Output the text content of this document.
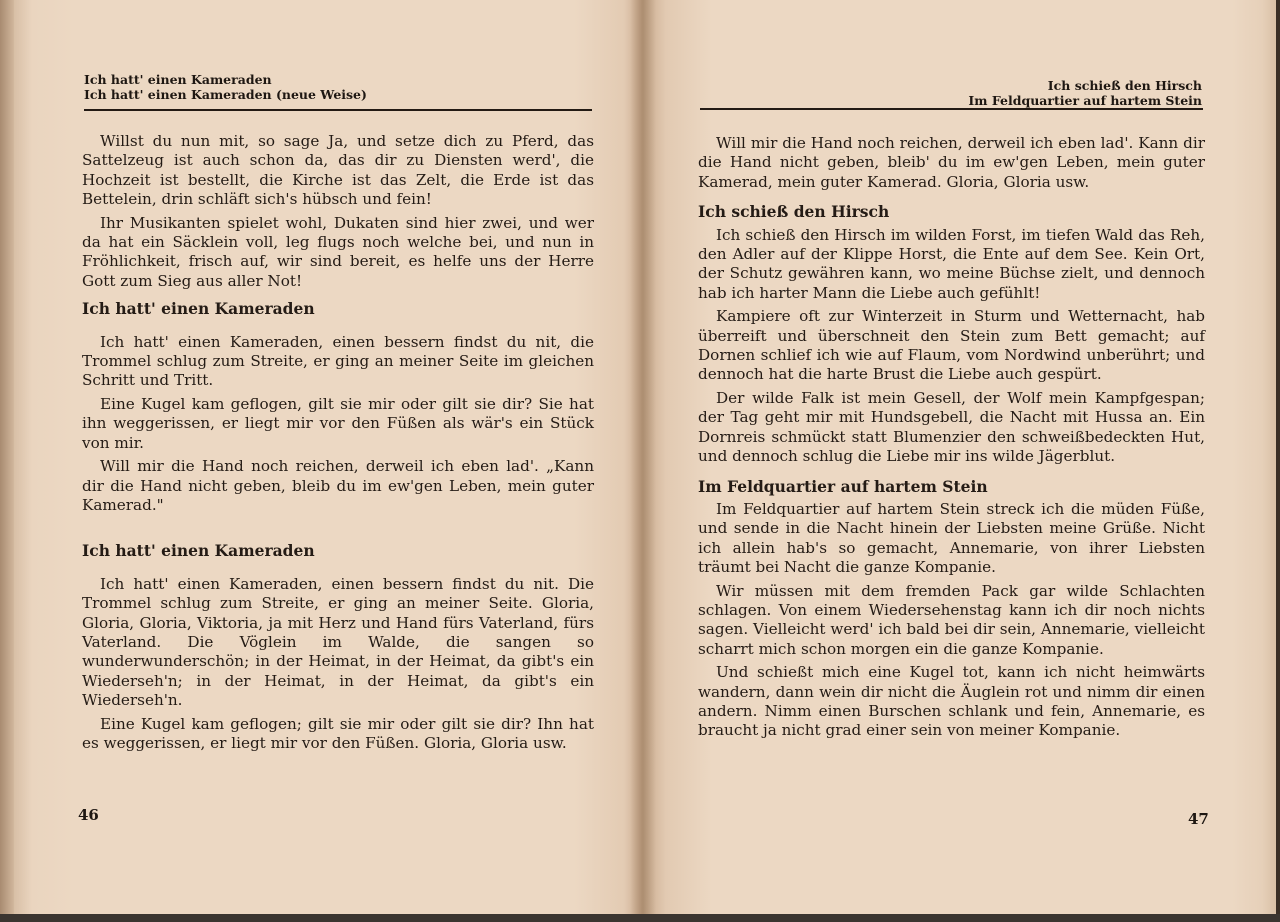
Ich hatt' einen Kameraden
Ich hatt' einen Kameraden (neue Weise)

Willst du nun mit, so sage Ja, und setze dich zu Pferd, das Sattelzeug ist auch schon da, das dir zu Diensten werd', die Hochzeit ist bestellt, die Kirche ist das Zelt, die Erde ist das Bettelein, drin schläft sich's hübsch und fein!

Ihr Musikanten spielet wohl, Dukaten sind hier zwei, und wer da hat ein Säcklein voll, leg flugs noch welche bei, und nun in Fröhlichkeit, frisch auf, wir sind bereit, es helfe uns der Herre Gott zum Sieg aus aller Not!

Ich hatt' einen Kameraden

Ich hatt' einen Kameraden, einen bessern findst du nit, die Trommel schlug zum Streite, er ging an meiner Seite im gleichen Schritt und Tritt.

Eine Kugel kam geflogen, gilt sie mir oder gilt sie dir? Sie hat ihn weggerissen, er liegt mir vor den Füßen als wär's ein Stück von mir.

Will mir die Hand noch reichen, derweil ich eben lad'. „Kann dir die Hand nicht geben, bleib du im ew'gen Leben, mein guter Kamerad."

Ich hatt' einen Kameraden

Ich hatt' einen Kameraden, einen bessern findst du nit. Die Trommel schlug zum Streite, er ging an meiner Seite. Gloria, Gloria, Gloria, Viktoria, ja mit Herz und Hand fürs Vaterland, fürs Vaterland. Die Vöglein im Walde, die sangen so wunderwunderschön; in der Heimat, in der Heimat, da gibt's ein Wiederseh'n; in der Heimat, in der Heimat, da gibt's ein Wiederseh'n.

Eine Kugel kam geflogen; gilt sie mir oder gilt sie dir? Ihn hat es weggerissen, er liegt mir vor den Füßen. Gloria, Gloria usw.

46
Ich schieß den Hirsch
Im Feldquartier auf hartem Stein

Will mir die Hand noch reichen, derweil ich eben lad'. Kann dir die Hand nicht geben, bleib' du im ew'gen Leben, mein guter Kamerad, mein guter Kamerad. Gloria, Gloria usw.

Ich schieß den Hirsch

Ich schieß den Hirsch im wilden Forst, im tiefen Wald das Reh, den Adler auf der Klippe Horst, die Ente auf dem See. Kein Ort, der Schutz gewähren kann, wo meine Büchse zielt, und dennoch hab ich harter Mann die Liebe auch gefühlt!

Kampiere oft zur Winterzeit in Sturm und Wetternacht, hab überreift und überschneit den Stein zum Bett gemacht; auf Dornen schlief ich wie auf Flaum, vom Nordwind unberührt; und dennoch hat die harte Brust die Liebe auch gespürt.

Der wilde Falk ist mein Gesell, der Wolf mein Kampfgespan; der Tag geht mir mit Hundsgebell, die Nacht mit Hussa an. Ein Dornreis schmückt statt Blumenzier den schweißbedeckten Hut, und dennoch schlug die Liebe mir ins wilde Jägerblut.

Im Feldquartier auf hartem Stein

Im Feldquartier auf hartem Stein streck ich die müden Füße, und sende in die Nacht hinein der Liebsten meine Grüße. Nicht ich allein hab's so gemacht, Annemarie, von ihrer Liebsten träumt bei Nacht die ganze Kompanie.

Wir müssen mit dem fremden Pack gar wilde Schlachten schlagen. Von einem Wiedersehenstag kann ich dir noch nichts sagen. Vielleicht werd' ich bald bei dir sein, Annemarie, vielleicht scharrt mich schon morgen ein die ganze Kompanie.

Und schießt mich eine Kugel tot, kann ich nicht heimwärts wandern, dann wein dir nicht die Äuglein rot und nimm dir einen andern. Nimm einen Burschen schlank und fein, Annemarie, es braucht ja nicht grad einer sein von meiner Kompanie.

47
